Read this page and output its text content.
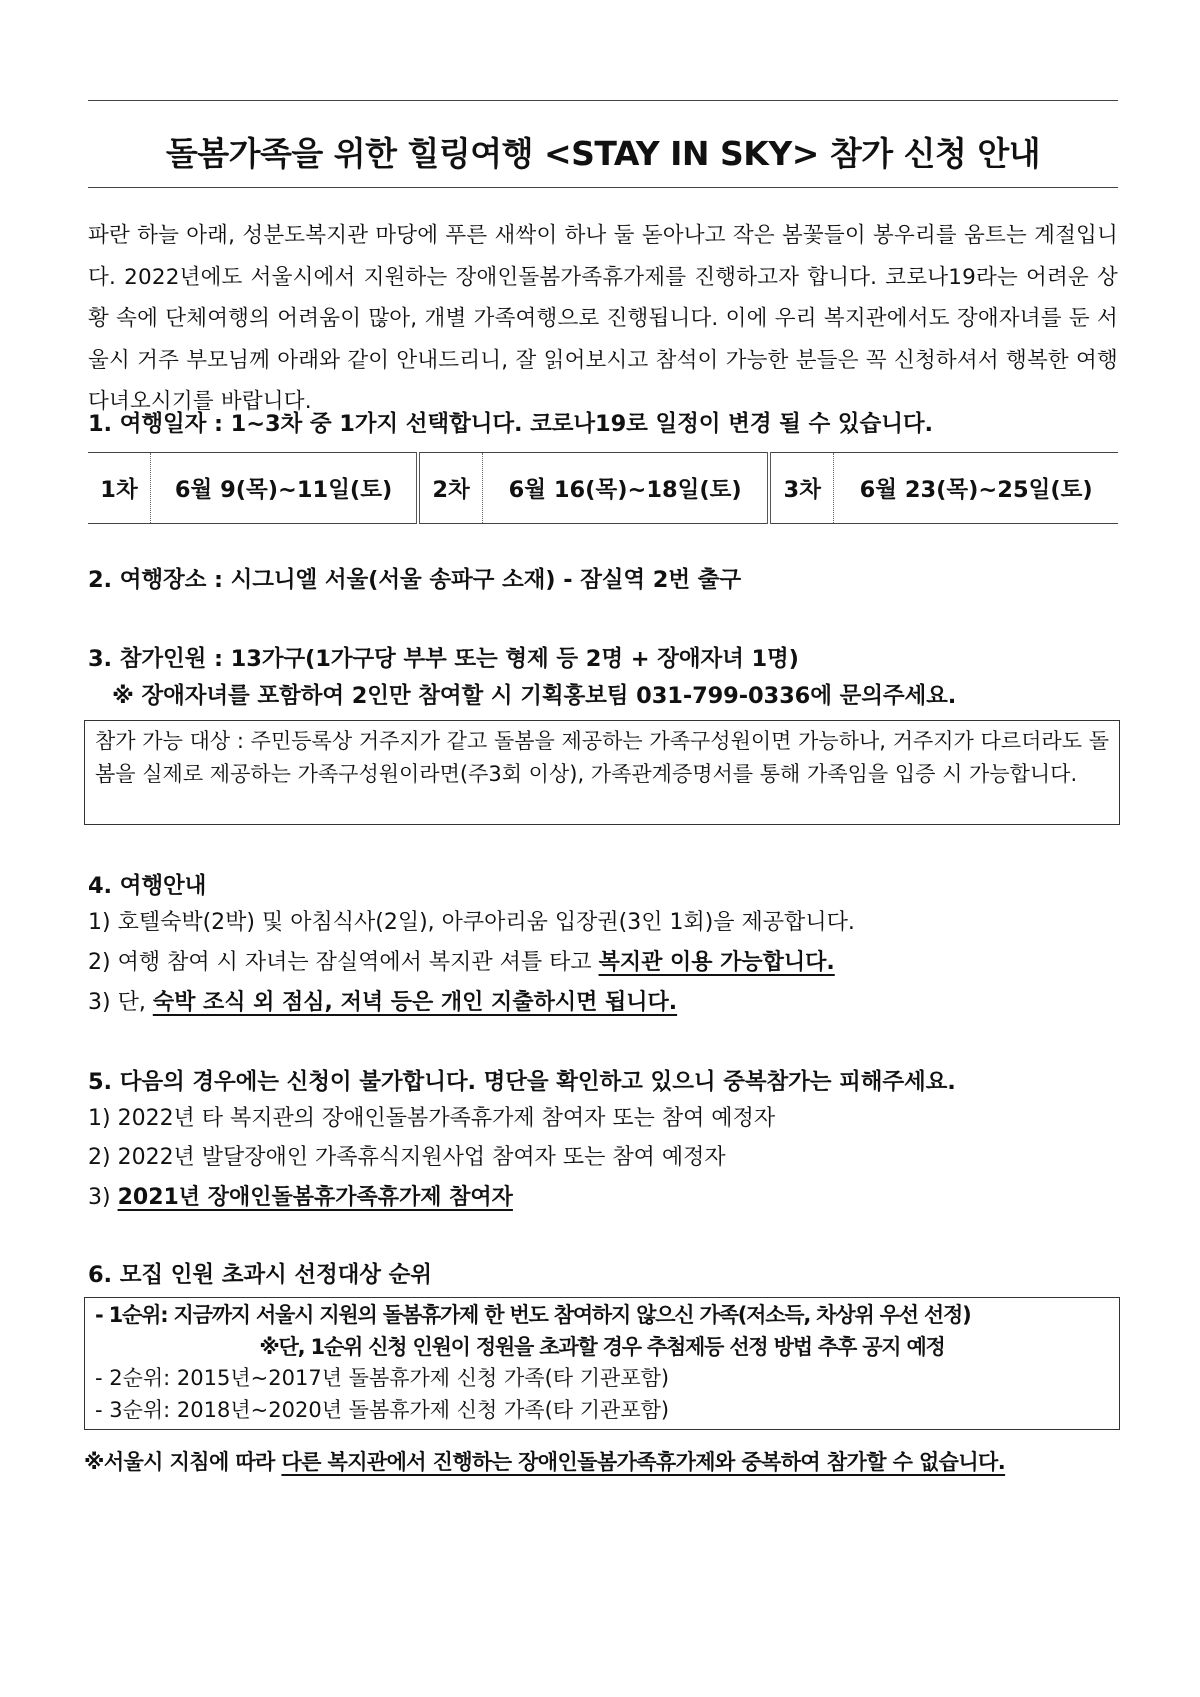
돌봄가족을 위한 힐링여행 <STAY IN SKY> 참가 신청 안내
파란 하늘 아래, 성분도복지관 마당에 푸른 새싹이 하나 둘 돋아나고 작은 봄꽃들이 봉우리를 움트는 계절입니다. 2022년에도 서울시에서 지원하는 장애인돌봄가족휴가제를 진행하고자 합니다. 코로나19라는 어려운 상황 속에 단체여행의 어려움이 많아, 개별 가족여행으로 진행됩니다. 이에 우리 복지관에서도 장애자녀를 둔 서울시 거주 부모님께 아래와 같이 안내드리니, 잘 읽어보시고 참석이 가능한 분들은 꼭 신청하셔서 행복한 여행 다녀오시기를 바랍니다.
1. 여행일자 : 1~3차 중 1가지 선택합니다. 코로나19로 일정이 변경 될 수 있습니다.
1차	6월 9(목)~11일(토)	2차	6월 16(목)~18일(토)	3차	6월 23(목)~25일(토)
2. 여행장소 : 시그니엘 서울(서울 송파구 소재) - 잠실역 2번 출구
3. 참가인원 : 13가구(1가구당 부부 또는 형제 등 2명 + 장애자녀 1명)
※ 장애자녀를 포함하여 2인만 참여할 시 기획홍보팀 031-799-0336에 문의주세요.
참가 가능 대상 : 주민등록상 거주지가 같고 돌봄을 제공하는 가족구성원이면 가능하나, 거주지가 다르더라도 돌봄을 실제로 제공하는 가족구성원이라면(주3회 이상), 가족관계증명서를 통해 가족임을 입증 시 가능합니다.
4. 여행안내
1) 호텔숙박(2박) 및 아침식사(2일), 아쿠아리움 입장권(3인 1회)을 제공합니다.
2) 여행 참여 시 자녀는 잠실역에서 복지관 셔틀 타고 복지관 이용 가능합니다.
3) 단, 숙박 조식 외 점심, 저녁 등은 개인 지출하시면 됩니다.
5. 다음의 경우에는 신청이 불가합니다. 명단을 확인하고 있으니 중복참가는 피해주세요.
1) 2022년 타 복지관의 장애인돌봄가족휴가제 참여자 또는 참여 예정자
2) 2022년 발달장애인 가족휴식지원사업 참여자 또는 참여 예정자
3) 2021년 장애인돌봄휴가족휴가제 참여자
6. 모집 인원 초과시 선정대상 순위
- 1순위: 지금까지 서울시 지원의 돌봄휴가제 한 번도 참여하지 않으신 가족(저소득, 차상위 우선 선정)
※단, 1순위 신청 인원이 정원을 초과할 경우 추첨제등 선정 방법 추후 공지 예정
- 2순위: 2015년~2017년 돌봄휴가제 신청 가족(타 기관포함)
- 3순위: 2018년~2020년 돌봄휴가제 신청 가족(타 기관포함)
※서울시 지침에 따라 다른 복지관에서 진행하는 장애인돌봄가족휴가제와 중복하여 참가할 수 없습니다.
